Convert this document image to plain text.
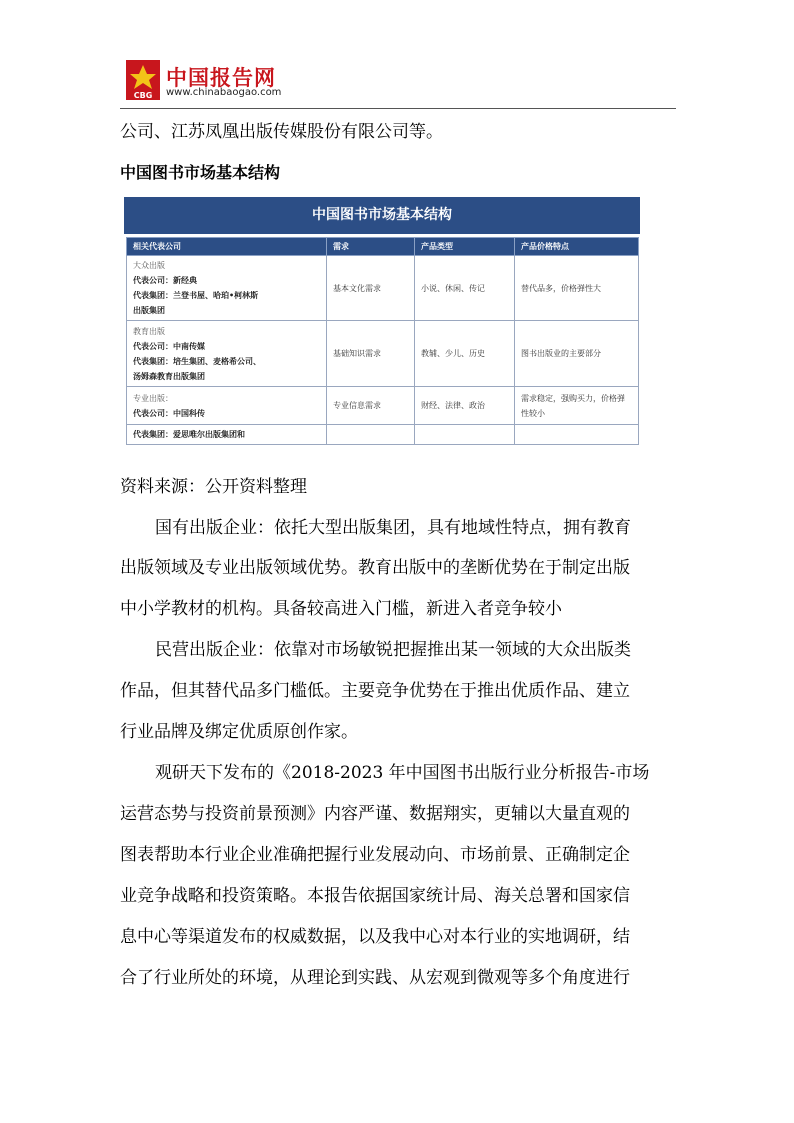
CBG
中国报告网
www.chinabaogao.com
公司、江苏凤凰出版传媒股份有限公司等。
中国图书市场基本结构
中国图书市场基本结构
相关代表公司	需求	产品类型	产品价格特点

大众出版
代表公司：新经典
代表集团：兰登书屋、哈珀•柯林斯
出版集团	基本文化需求	小说、休闲、传记	替代品多，价格弹性大

教育出版
代表公司：中南传媒
代表集团：培生集团、麦格希公司、
汤姆森教育出版集团	基础知识需求	教辅、少儿、历史	图书出版业的主要部分

专业出版：
代表公司：中国科传	专业信息需求	财经、法律、政治	需求稳定，强购买力，价格弹性较小

代表集团：爱思唯尔出版集团和			

资料来源：公开资料整理
国有出版企业：依托大型出版集团，具有地域性特点，拥有教育
出版领域及专业出版领域优势。教育出版中的垄断优势在于制定出版
中小学教材的机构。具备较高进入门槛，新进入者竞争较小
民营出版企业：依靠对市场敏锐把握推出某一领域的大众出版类
作品，但其替代品多门槛低。主要竞争优势在于推出优质作品、建立
行业品牌及绑定优质原创作家。
观研天下发布的《2018-2023 年中国图书出版行业分析报告-市场
运营态势与投资前景预测》内容严谨、数据翔实，更辅以大量直观的
图表帮助本行业企业准确把握行业发展动向、市场前景、正确制定企
业竞争战略和投资策略。本报告依据国家统计局、海关总署和国家信
息中心等渠道发布的权威数据，以及我中心对本行业的实地调研，结
合了行业所处的环境，从理论到实践、从宏观到微观等多个角度进行
